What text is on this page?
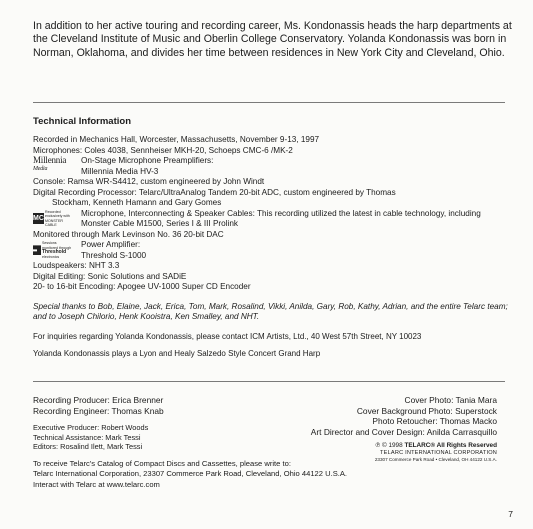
In addition to her active touring and recording career, Ms. Kondonassis heads the harp departments at the Cleveland Institute of Music and Oberlin College Conservatory. Yolanda Kondonassis was born in Norman, Oklahoma, and divides her time between residences in New York City and Cleveland, Ohio.

Technical Information

Recorded in Mechanics Hall, Worcester, Massachusetts, November 9-13, 1997

Microphones: Coles 4038, Sennheiser MKH-20, Schoeps CMC-6 /MK-2

Millennia
Media

On-Stage Microphone Preamplifiers:

Millennia Media HV-3

Console: Ramsa WR-S4412, custom engineered by John Windt

Digital Recording Processor: Telarc/UltraAnalog Tandem 20-bit ADC, custom engineered by Thomas

Stockham, Kenneth Hamann and Gary Gomes

MC
Recorded exclusively with MONSTER CABLE

Microphone, Interconnecting & Speaker Cables: This recording utilized the latest in cable technology, including Monster Cable M1500, Series I & III Prolink

Monitored through Mark Levinson No. 36 20-bit DAC

Sessions monitored through
Threshold
electronics

Power Amplifier:

Threshold S-1000

Loudspeakers: NHT 3.3

Digital Editing: Sonic Solutions and SADiE

20- to 16-bit Encoding: Apogee UV-1000 Super CD Encoder

Special thanks to Bob, Elaine, Jack, Erica, Tom, Mark, Rosalind, Vikki, Anilda, Gary, Rob, Kathy, Adrian, and the entire Telarc team; and to Joseph Chilorio, Henk Kooistra, Ken Smalley, and NHT.

For inquiries regarding Yolanda Kondonassis, please contact ICM Artists, Ltd., 40 West 57th Street, NY 10023

Yolanda Kondonassis plays a Lyon and Healy Salzedo Style Concert Grand Harp

Recording Producer: Erica Brenner

Recording Engineer: Thomas Knab

Executive Producer: Robert Woods

Technical Assistance: Mark Tessi

Editors: Rosalind Ilett, Mark Tessi

Cover Photo: Tania Mara

Cover Background Photo: Superstock

Photo Retoucher: Thomas Macko

Art Director and Cover Design: Anilda Carrasquillo

℗ © 1998 TELARC® All Rights Reserved

TELARC INTERNATIONAL CORPORATION

23307 Commerce Park Road • Cleveland, OH 44122 U.S.A.

To receive Telarc's Catalog of Compact Discs and Cassettes, please write to:

Telarc International Corporation, 23307 Commerce Park Road, Cleveland, Ohio 44122 U.S.A.

Interact with Telarc at www.telarc.com

7
